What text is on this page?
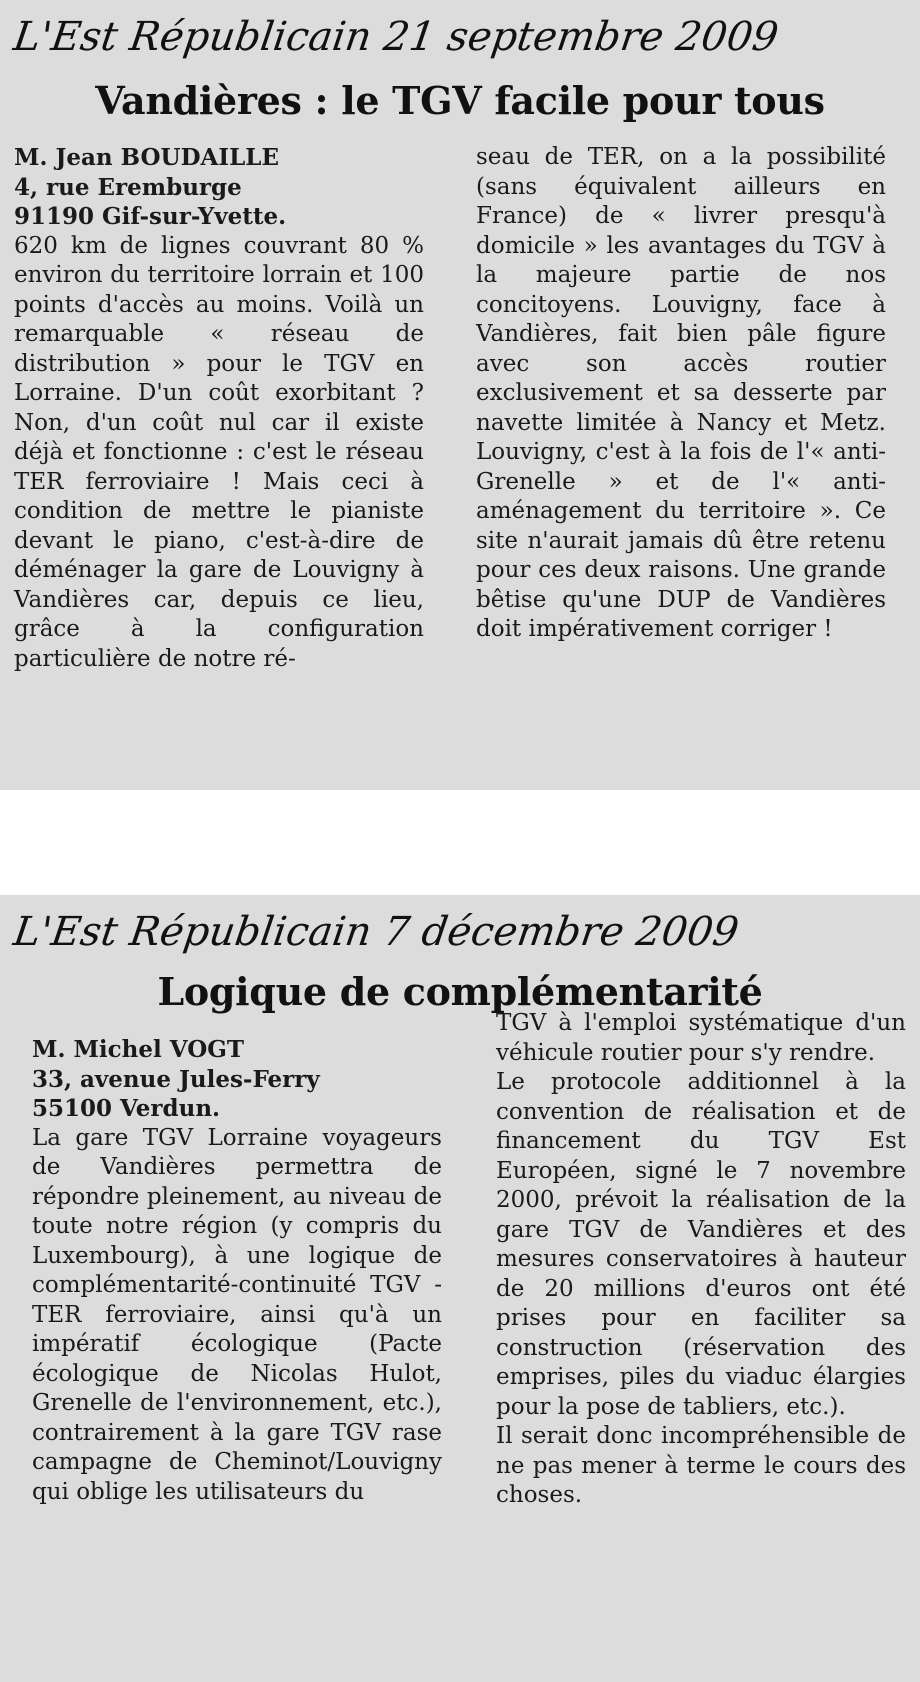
L'Est Républicain 21 septembre 2009
Vandières : le TGV facile pour tous
M. Jean BOUDAILLE
4, rue Eremburge
91190 Gif-sur-Yvette.
620 km de lignes couvrant 80 % environ du territoire lorrain et 100 points d'accès au moins. Voilà un remarquable « réseau de distribution » pour le TGV en Lorraine. D'un coût exorbitant ? Non, d'un coût nul car il existe déjà et fonctionne : c'est le réseau TER ferroviaire ! Mais ceci à condition de mettre le pianiste devant le piano, c'est-à-dire de déménager la gare de Louvigny à Vandières car, depuis ce lieu, grâce à la configuration particulière de notre ré-
seau de TER, on a la possibilité (sans équivalent ailleurs en France) de « livrer presqu'à domicile » les avantages du TGV à la majeure partie de nos concitoyens. Louvigny, face à Vandières, fait bien pâle figure avec son accès routier exclusivement et sa desserte par navette limitée à Nancy et Metz. Louvigny, c'est à la fois de l'« anti-Grenelle » et de l'« anti-aménagement du territoire ». Ce site n'aurait jamais dû être retenu pour ces deux raisons. Une grande bêtise qu'une DUP de Vandières doit impérativement corriger !
L'Est Républicain 7 décembre 2009
Logique de complémentarité
M. Michel VOGT
33, avenue Jules-Ferry
55100 Verdun.
La gare TGV Lorraine voyageurs de Vandières permettra de répondre pleinement, au niveau de toute notre région (y compris du Luxembourg), à une logique de complémentarité-continuité TGV - TER ferroviaire, ainsi qu'à un impératif écologique (Pacte écologique de Nicolas Hulot, Grenelle de l'environnement, etc.), contrairement à la gare TGV rase campagne de Cheminot/Louvigny qui oblige les utilisateurs du
TGV à l'emploi systématique d'un véhicule routier pour s'y rendre.
Le protocole additionnel à la convention de réalisation et de financement du TGV Est Européen, signé le 7 novembre 2000, prévoit la réalisation de la gare TGV de Vandières et des mesures conservatoires à hauteur de 20 millions d'euros ont été prises pour en faciliter sa construction (réservation des emprises, piles du viaduc élargies pour la pose de tabliers, etc.).
Il serait donc incompréhensible de ne pas mener à terme le cours des choses.
